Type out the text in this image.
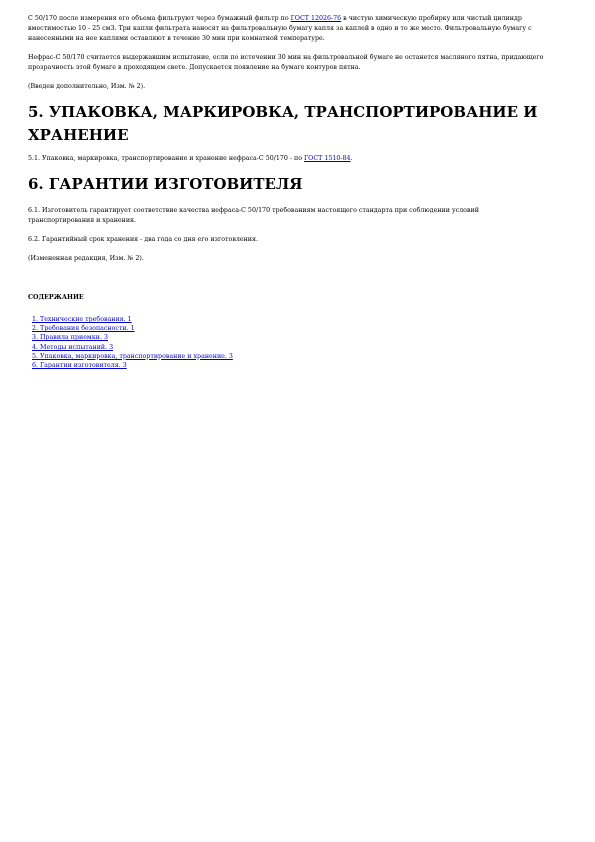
С 50/170 после измерения его объема фильтруют через бумажный фильтр по ГОСТ 12026-76 в чистую химическую пробирку или чистый цилиндр вместимостью 10 - 25 см3. Три капли фильтрата наносят на фильтровальную бумагу капля за каплей в одно и то же место. Фильтровальную бумагу с нанесенными на нее каплями оставляют в течение 30 мин при комнатной температуре.

Нефрас-С 50/170 считается выдержавшим испытание, если по истечении 30 мин на фильтровальной бумаге не останется масляного пятна, придающего прозрачность этой бумаге в проходящем свете. Допускается появление на бумаге контуров пятна.

(Введен дополнительно, Изм. № 2).

5. УПАКОВКА, МАРКИРОВКА, ТРАНСПОРТИРОВАНИЕ И ХРАНЕНИЕ

5.1. Упаковка, маркировка, транспортирование и хранение нефраса-С 50/170 - по ГОСТ 1510-84.

6. ГАРАНТИИ ИЗГОТОВИТЕЛЯ

6.1. Изготовитель гарантирует соответствие качества нефраса-С 50/170 требованиям настоящего стандарта при соблюдении условий транспортирования и хранения.

6.2. Гарантийный срок хранения - два года со дня его изготовления.

(Измененная редакция, Изм. № 2).

СОДЕРЖАНИЕ
1. Технические требования. 1
2. Требования безопасности. 1
3. Правила приемки. 3
4. Методы испытаний. 3
5. Упаковка, маркировка, транспортирование и хранение. 3
6. Гарантии изготовителя. 3
